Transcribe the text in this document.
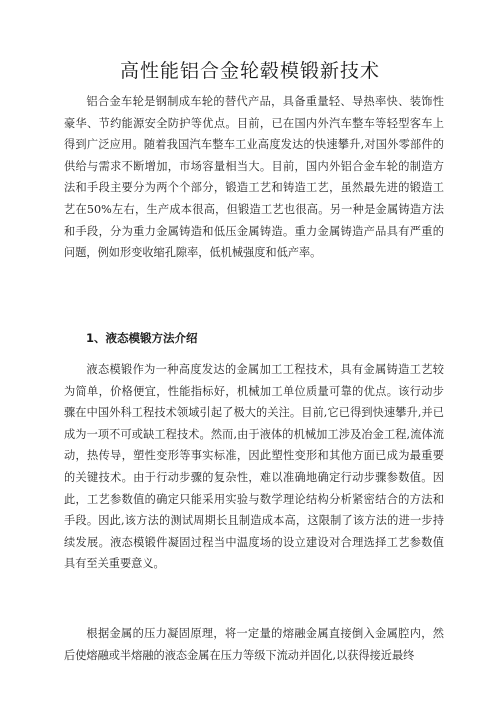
高性能铝合金轮毂模锻新技术

铝合金车轮是钢制成车轮的替代产品，具备重量轻、导热率快、装饰性豪华、节约能源安全防护等优点。目前，已在国内外汽车整车等轻型客车上得到广泛应用。随着我国汽车整车工业高度发达的快速攀升,对国外零部件的供给与需求不断增加，市场容量相当大。目前，国内外铝合金车轮的制造方法和手段主要分为两个个部分，锻造工艺和铸造工艺，虽然最先进的锻造工艺在50%左右，生产成本很高，但锻造工艺也很高。另一种是金属铸造方法和手段，分为重力金属铸造和低压金属铸造。重力金属铸造产品具有严重的问题，例如形变收缩孔隙率，低机械强度和低产率。

1、液态模锻方法介绍

液态模锻作为一种高度发达的金属加工工程技术，具有金属铸造工艺较为简单，价格便宜，性能指标好，机械加工单位质量可靠的优点。该行动步骤在中国外科工程技术领域引起了极大的关注。目前,它已得到快速攀升,并已成为一项不可或缺工程技术。然而,由于液体的机械加工涉及冶金工程,流体流动，热传导，塑性变形等事实标准，因此塑性变形和其他方面已成为最重要的关键技术。由于行动步骤的复杂性，难以准确地确定行动步骤参数值。因此，工艺参数值的确定只能采用实验与数学理论结构分析紧密结合的方法和手段。因此,该方法的测试周期长且制造成本高，这限制了该方法的进一步持续发展。液态模锻件凝固过程当中温度场的设立建设对合理选择工艺参数值具有至关重要意义。

根据金属的压力凝固原理，将一定量的熔融金属直接倒入金属腔内，然后使熔融或半熔融的液态金属在压力等级下流动并固化,以获得接近最终
